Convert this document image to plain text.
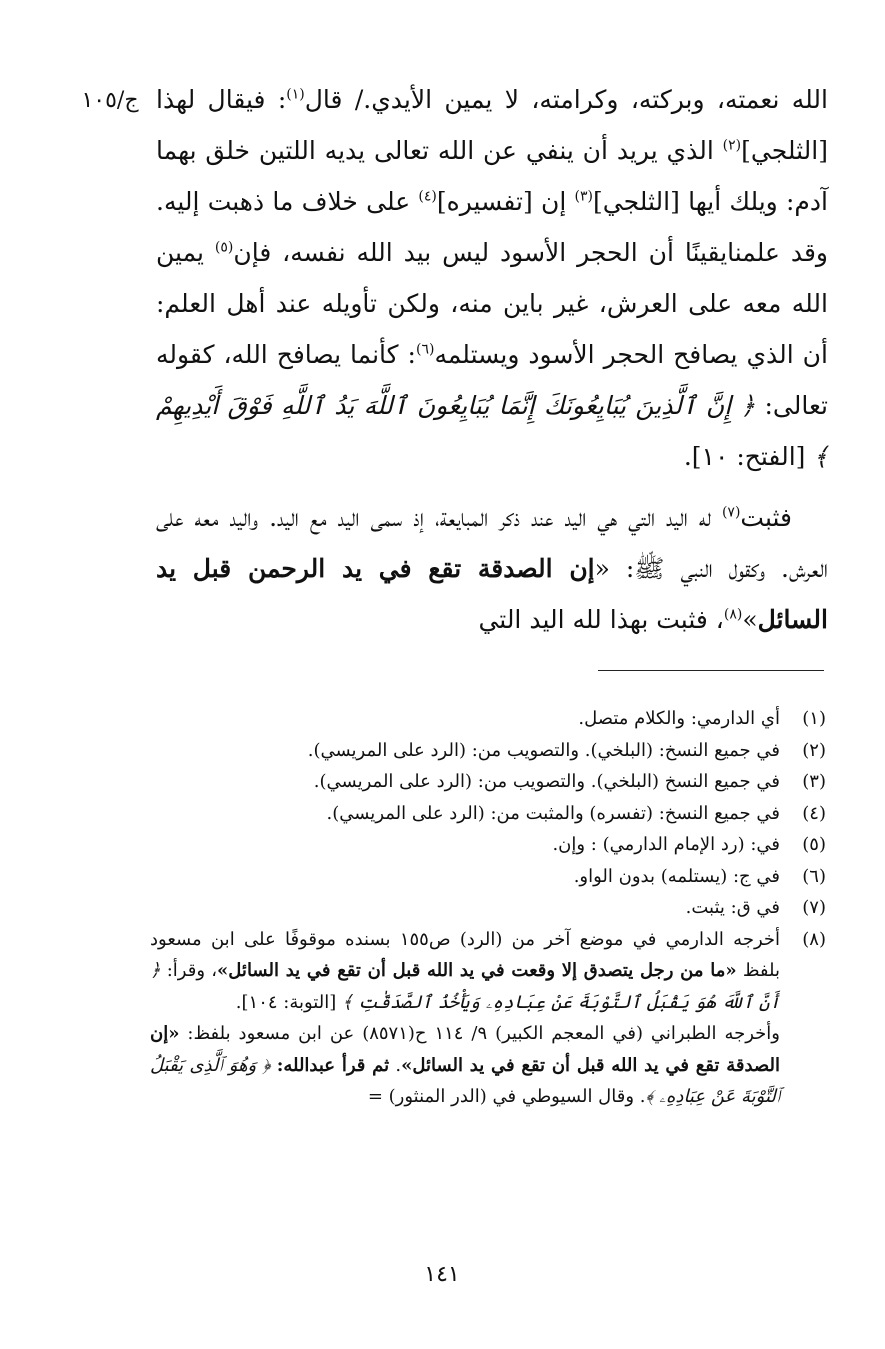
ج/١٠٥	الله نعمته، وبركته، وكرامته، لا يمين الأيدي./ قال$^{(١)}$: فيقال لهذا [الثلجي]$^{(٢)}$ الذي يريد أن ينفي عن الله تعالى يديه اللتين خلق بهما آدم: ويلك أيها [الثلجي]$^{(٣)}$ إن [تفسيره]$^{(٤)}$ على خلاف ما ذهبت إليه. وقد علمنايقينًا أن الحجر الأسود ليس بيد الله نفسه، فإن$^{(٥)}$ يمين الله معه على العرش، غير باين منه، ولكن تأويله عند أهل العلم: أن الذي يصافح الحجر الأسود ويستلمه$^{(٦)}$: كأنما يصافح الله، كقوله تعالى: ﴿ إِنَّ ٱلَّذِينَ يُبَايِعُونَكَ إِنَّمَا يُبَايِعُونَ ٱللَّهَ يَدُ ٱللَّهِ فَوْقَ أَيْدِيهِمْ ﴾ [الفتح: ١٠].

فثبت$^{(٧)}$ له اليد التي هي اليد عند ذكر المبايعة، إذ سمى اليد مع اليد. واليد معه على العرش. وكقول النبي ﷺ: «إن الصدقة تقع في يد الرحمن قبل يد السائل»$^{(٨)}$، فثبت بهذا لله اليد التي

(١)

أي الدارمي: والكلام متصل.

(٢)

في جميع النسخ: (البلخي). والتصويب من: (الرد على المريسي).

(٣)

في جميع النسخ (البلخي). والتصويب من: (الرد على المريسي).

(٤)

في جميع النسخ: (تفسره) والمثبت من: (الرد على المريسي).

(٥)

في: (رد الإمام الدارمي) : وإن.

(٦)

في ج: (يستلمه) بدون الواو.

(٧)

في ق: يثبت.

(٨)

أخرجه الدارمي في موضع آخر من (الرد) ص١٥٥ بسنده موقوفًا على ابن مسعود بلفظ «ما من رجل يتصدق إلا وقعت في يد الله قبل أن تقع في يد السائل»، وقرأ: ﴿ أَنَّ ٱللَّهَ هُوَ يَقْبَلُ ٱلتَّوْبَةَ عَنْ عِبَادِهِۦ وَيَأْخُذُ ٱلصَّدَقَٰتِ ﴾ [التوبة: ١٠٤].

وأخرجه الطبراني (في المعجم الكبير) ٩/ ١١٤ ح(٨٥٧١) عن ابن مسعود بلفظ: «إن الصدقة تقع في يد الله قبل أن تقع في يد السائل». ثم قرأ عبدالله: ﴿ وَهُوَ ٱلَّذِى يَقْبَلُ ٱلتَّوْبَةَ عَنْ عِبَادِهِۦ ﴾. وقال السيوطي في (الدر المنثور) =

١٤١
